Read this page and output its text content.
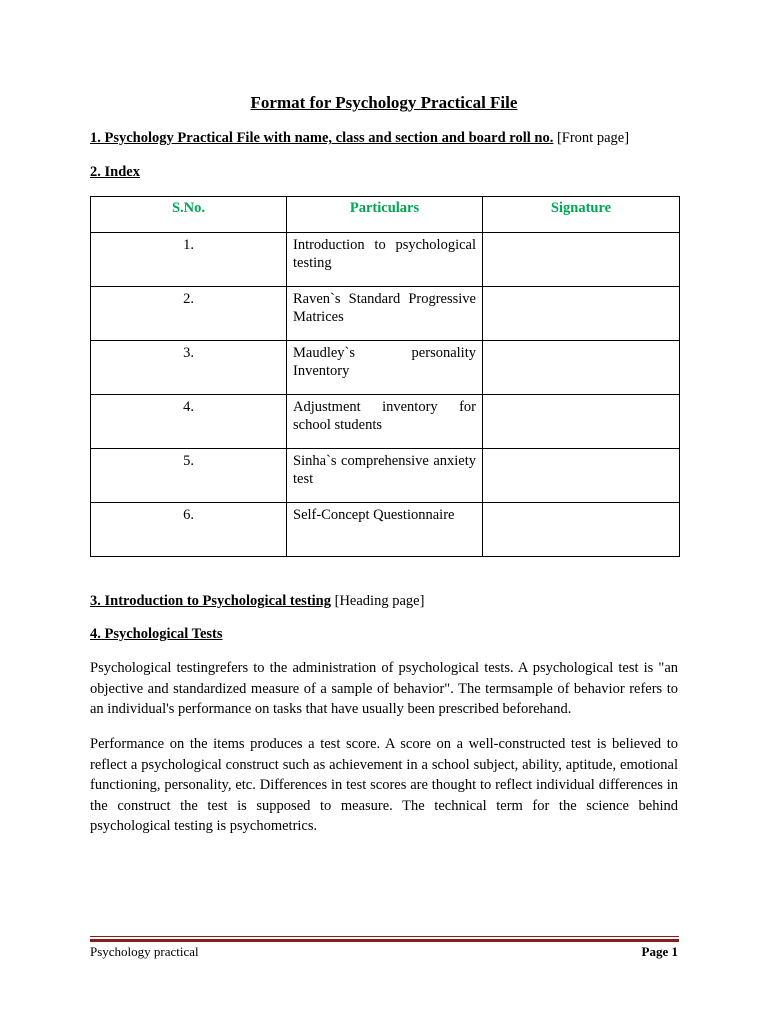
Format for Psychology Practical File
1. Psychology Practical File with name, class and section and board roll no. [Front page]
2. Index
S.No.	Particulars	Signature
1.	Introduction to psychological testing	
2.	Raven`s Standard Progressive Matrices	
3.	Maudley`s personality Inventory	
4.	Adjustment inventory for school students	
5.	Sinha`s comprehensive anxiety test	
6.	Self-Concept Questionnaire	
3. Introduction to Psychological testing [Heading page]
4. Psychological Tests

Psychological testingrefers to the administration of psychological tests. A psychological test is "an objective and standardized measure of a sample of behavior". The termsample of behavior refers to an individual's performance on tasks that have usually been prescribed beforehand.

Performance on the items produces a test score. A score on a well-constructed test is believed to reflect a psychological construct such as achievement in a school subject, ability, aptitude, emotional functioning, personality, etc. Differences in test scores are thought to reflect individual differences in the construct the test is supposed to measure. The technical term for the science behind psychological testing is psychometrics.

Psychology practical	Page 1
